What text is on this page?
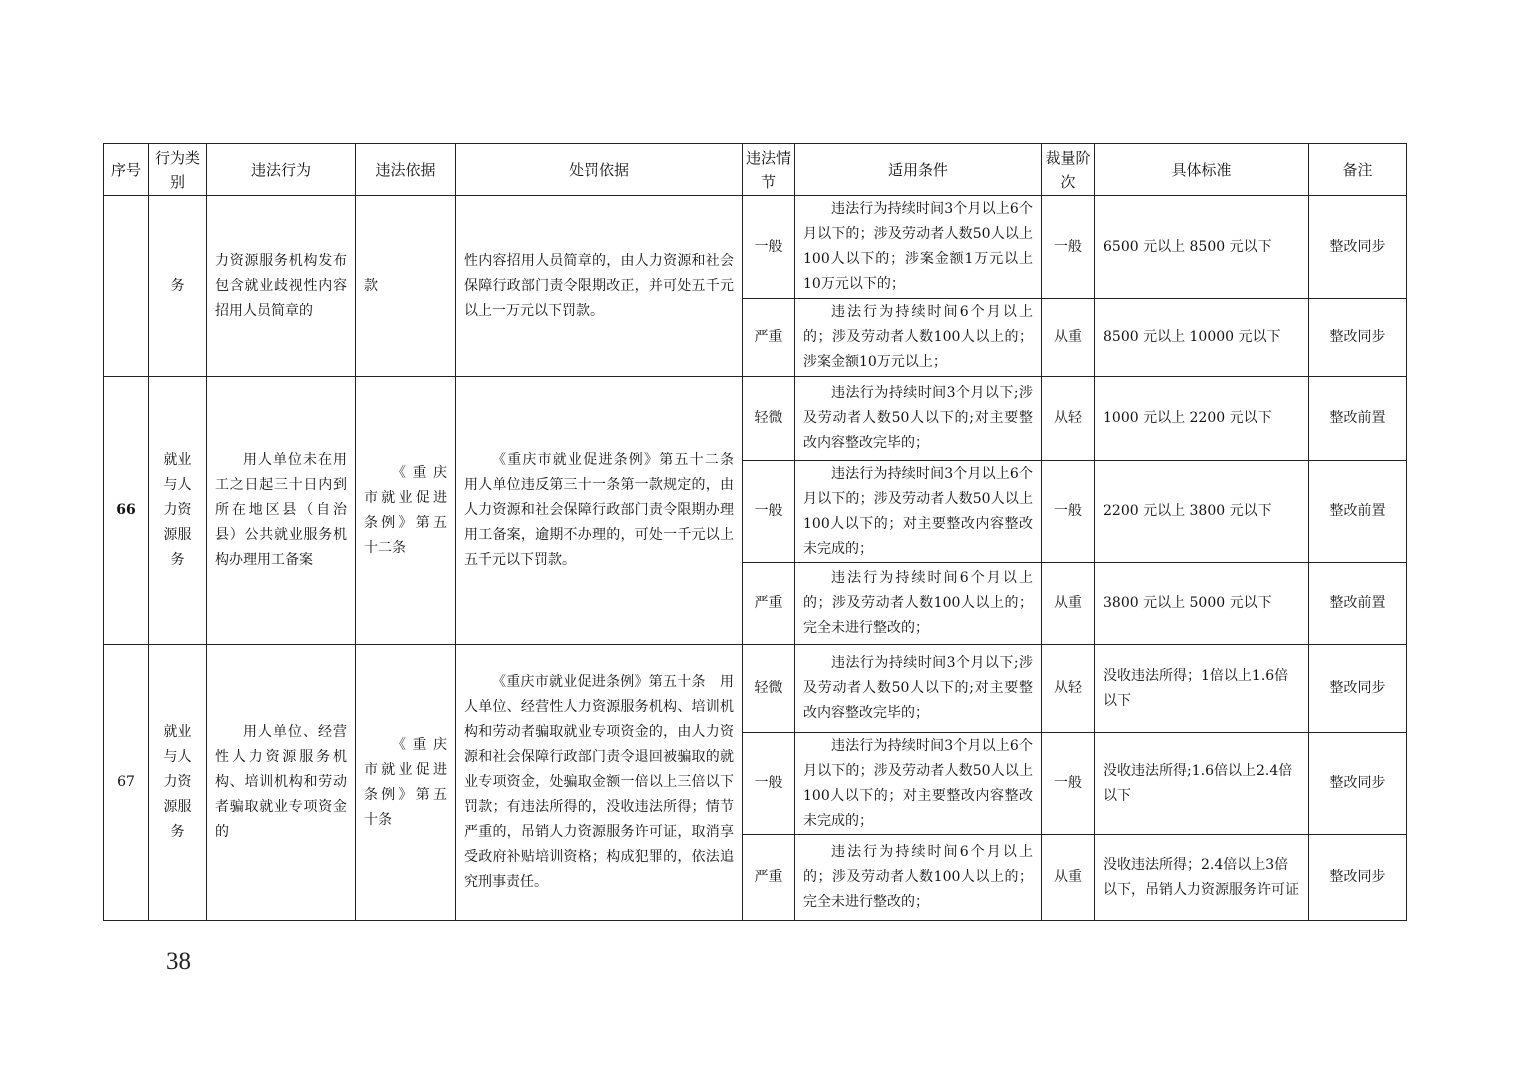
序号	行为类别	违法行为	违法依据	处罚依据	违法情节	适用条件	裁量阶次	具体标准	备注
	务	力资源服务机构发布包含就业歧视性内容招用人员简章的	款	性内容招用人员简章的，由人力资源和社会保障行政部门责令限期改正，并可处五千元以上一万元以下罚款。	一般	违法行为持续时间3个月以上6个月以下的；涉及劳动者人数50人以上100人以下的；涉案金额1万元以上10万元以下的；	一般	6500 元以上 8500 元以下	整改同步
					严重	违法行为持续时间6个月以上的；涉及劳动者人数100人以上的；涉案金额10万元以上；	从重	8500 元以上 10000 元以下	整改同步
66	就业与人力资源服务	用人单位未在用工之日起三十日内到所在地区县（自治县）公共就业服务机构办理用工备案	《重庆市就业促进条例》第五十二条	《重庆市就业促进条例》第五十二条　用人单位违反第三十一条第一款规定的，由人力资源和社会保障行政部门责令限期办理用工备案，逾期不办理的，可处一千元以上五千元以下罚款。	轻微	违法行为持续时间3个月以下;涉及劳动者人数50人以下的;对主要整改内容整改完毕的；	从轻	1000 元以上 2200 元以下	整改前置
					一般	违法行为持续时间3个月以上6个月以下的；涉及劳动者人数50人以上100人以下的；对主要整改内容整改未完成的；	一般	2200 元以上 3800 元以下	整改前置
					严重	违法行为持续时间6个月以上的；涉及劳动者人数100人以上的；完全未进行整改的；	从重	3800 元以上 5000 元以下	整改前置
67	就业与人力资源服务	用人单位、经营性人力资源服务机构、培训机构和劳动者骗取就业专项资金的	《重庆市就业促进条例》第五十条	《重庆市就业促进条例》第五十条　用人单位、经营性人力资源服务机构、培训机构和劳动者骗取就业专项资金的，由人力资源和社会保障行政部门责令退回被骗取的就业专项资金，处骗取金额一倍以上三倍以下罚款；有违法所得的，没收违法所得；情节严重的，吊销人力资源服务许可证，取消享受政府补贴培训资格；构成犯罪的，依法追究刑事责任。	轻微	违法行为持续时间3个月以下;涉及劳动者人数50人以下的;对主要整改内容整改完毕的；	从轻	没收违法所得；1倍以上1.6倍以下	整改同步
					一般	违法行为持续时间3个月以上6个月以下的；涉及劳动者人数50人以上100人以下的；对主要整改内容整改未完成的；	一般	没收违法所得;1.6倍以上2.4倍以下	整改同步
					严重	违法行为持续时间6个月以上的；涉及劳动者人数100人以上的；完全未进行整改的；	从重	没收违法所得；2.4倍以上3倍以下，吊销人力资源服务许可证	整改同步
38
